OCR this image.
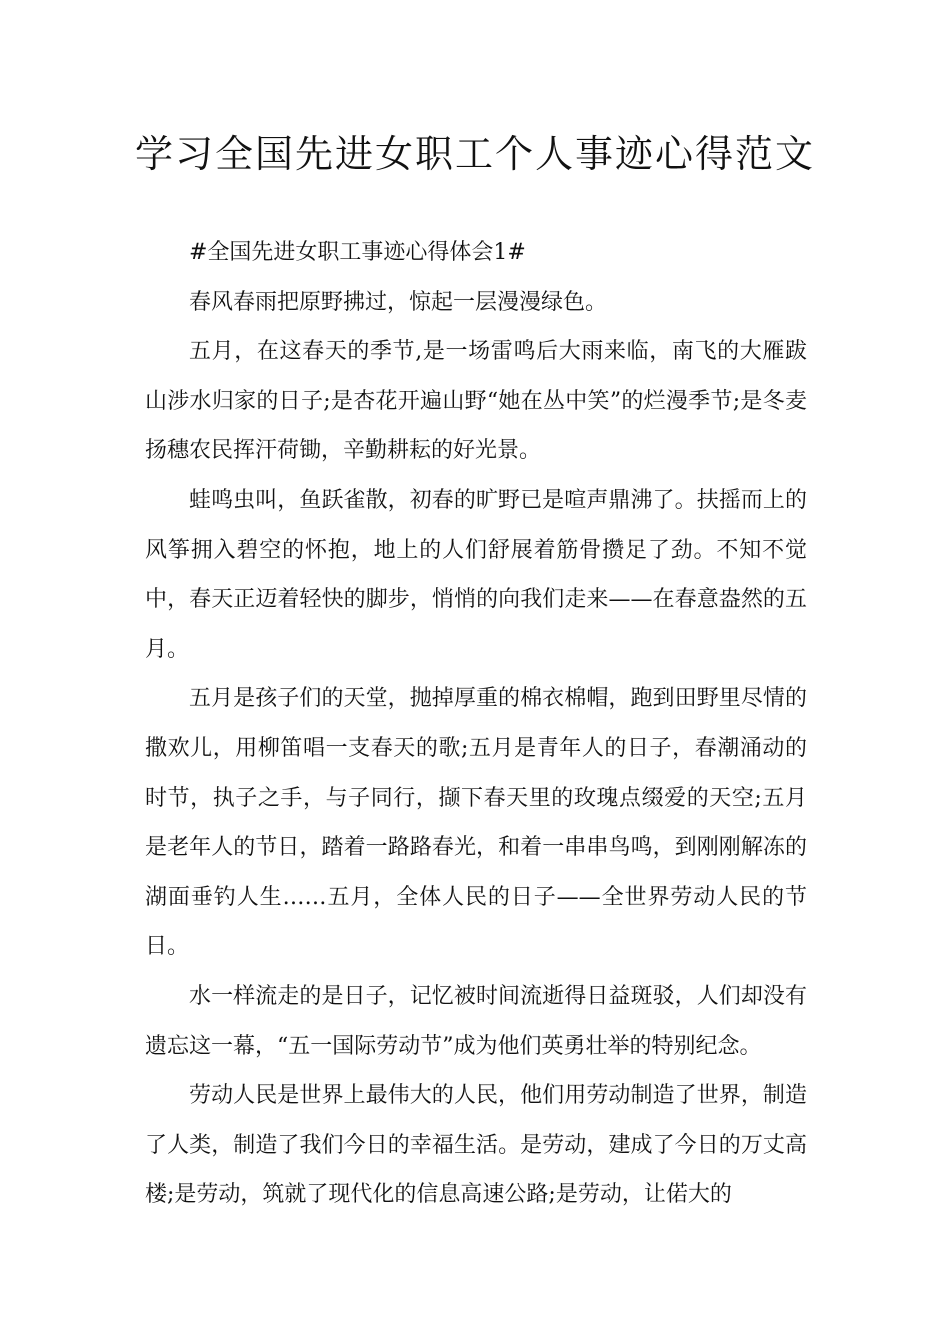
学习全国先进女职工个人事迹心得范文

#全国先进女职工事迹心得体会1#

春风春雨把原野拂过，惊起一层漫漫绿色。

五月，在这春天的季节,是一场雷鸣后大雨来临，南飞的大雁跋山涉水归家的日子;是杏花开遍山野“她在丛中笑”的烂漫季节;是冬麦扬穗农民挥汗荷锄，辛勤耕耘的好光景。

蛙鸣虫叫，鱼跃雀散，初春的旷野已是喧声鼎沸了。扶摇而上的风筝拥入碧空的怀抱，地上的人们舒展着筋骨攒足了劲。不知不觉中，春天正迈着轻快的脚步，悄悄的向我们走来——在春意盎然的五月。

五月是孩子们的天堂，抛掉厚重的棉衣棉帽，跑到田野里尽情的撒欢儿，用柳笛唱一支春天的歌;五月是青年人的日子，春潮涌动的时节，执子之手，与子同行，撷下春天里的玫瑰点缀爱的天空;五月是老年人的节日，踏着一路路春光，和着一串串鸟鸣，到刚刚解冻的湖面垂钓人生……五月，全体人民的日子——全世界劳动人民的节日。

水一样流走的是日子，记忆被时间流逝得日益斑驳，人们却没有遗忘这一幕，“五一国际劳动节”成为他们英勇壮举的特别纪念。

劳动人民是世界上最伟大的人民，他们用劳动制造了世界，制造了人类，制造了我们今日的幸福生活。是劳动，建成了今日的万丈高楼;是劳动，筑就了现代化的信息高速公路;是劳动，让偌大的
